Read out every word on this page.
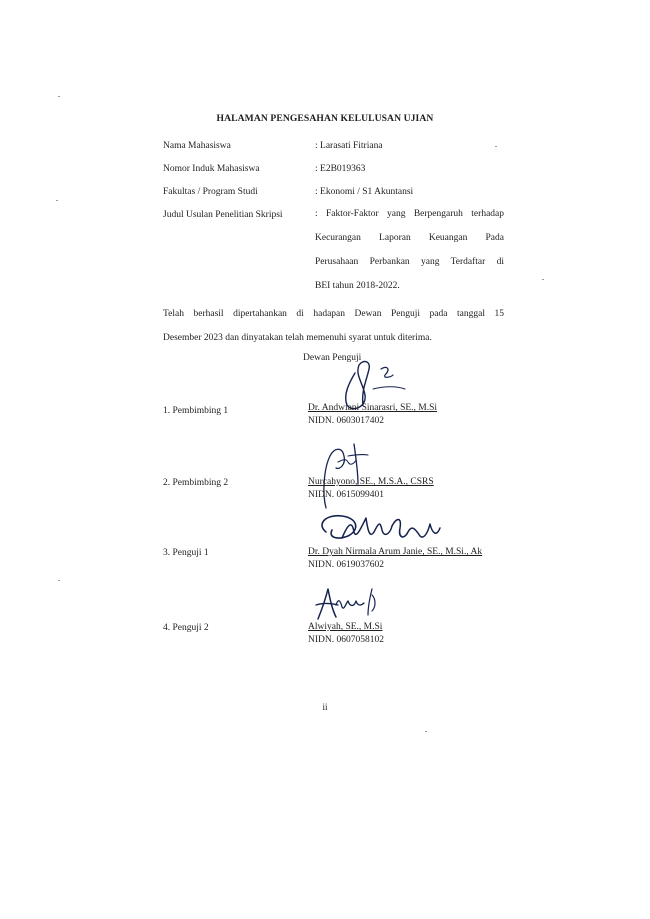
HALAMAN PENGESAHAN KELULUSAN UJIAN
Nama Mahasiswa	: Larasati Fitriana
Nomor Induk Mahasiswa	: E2B019363
Fakultas / Program Studi	: Ekonomi / S1 Akuntansi
Judul Usulan Penelitian Skripsi	: Faktor-Faktor yang Berpengaruh terhadap
Kecurangan Laporan Keuangan Pada
Perusahaan Perbankan yang Terdaftar di
BEI tahun 2018-2022.
Telah berhasil dipertahankan di hadapan Dewan Penguji pada tanggal 15
Desember 2023 dan dinyatakan telah memenuhi syarat untuk diterima.
Dewan Penguji
1. Pembimbing 1	Dr. Andwiani Sinarasri, SE., M.Si
NIDN. 0603017402
2. Pembimbing 2	Nurcahyono, SE., M.S.A., CSRS
NIDN. 0615099401
3. Penguji 1	Dr. Dyah Nirmala Arum Janie, SE., M.Si., Ak
NIDN. 0619037602
4. Penguji 2	Alwiyah, SE., M.Si
NIDN. 0607058102
ii
